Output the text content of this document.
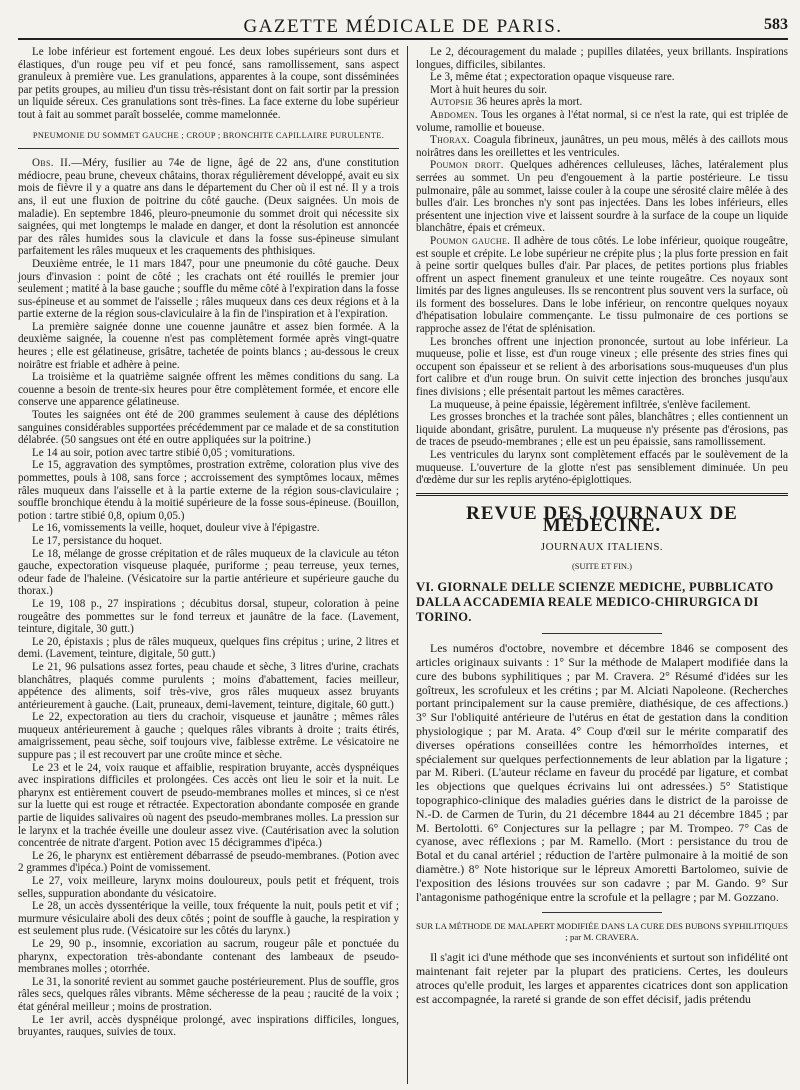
GAZETTE MÉDICALE DE PARIS.	583

Le lobe inférieur est fortement engoué. Les deux lobes supérieurs sont durs et élastiques, d'un rouge peu vif et peu foncé, sans ramollissement, sans aspect granuleux à première vue. Les granulations, apparentes à la coupe, sont disséminées par petits groupes, au milieu d'un tissu très-résistant dont on fait sortir par la pression un liquide séreux. Ces granulations sont très-fines. La face externe du lobe supérieur tout à fait au sommet paraît bosselée, comme mamelonnée.

PNEUMONIE DU SOMMET GAUCHE ; CROUP ; BRONCHITE CAPILLAIRE PURULENTE.

Obs. II.—Méry, fusilier au 74e de ligne, âgé de 22 ans, d'une constitution médiocre, peau brune, cheveux châtains, thorax régulièrement développé, avait eu six mois de fièvre il y a quatre ans dans le département du Cher où il est né. Il y a trois ans, il eut une fluxion de poitrine du côté gauche. (Deux saignées. Un mois de maladie). En septembre 1846, pleuro-pneumonie du sommet droit qui nécessite six saignées, qui met longtemps le malade en danger, et dont la résolution est annoncée par des râles humides sous la clavicule et dans la fosse sus-épineuse simulant parfaitement les râles muqueux et les craquements des phthisiques.

Deuxième entrée, le 11 mars 1847, pour une pneumonie du côté gauche. Deux jours d'invasion : point de côté ; les crachats ont été rouillés le premier jour seulement ; matité à la base gauche ; souffle du même côté à l'expiration dans la fosse sus-épineuse et au sommet de l'aisselle ; râles muqueux dans ces deux régions et à la partie externe de la région sous-claviculaire à la fin de l'inspiration et à l'expiration.

La première saignée donne une couenne jaunâtre et assez bien formée. A la deuxième saignée, la couenne n'est pas complètement formée après vingt-quatre heures ; elle est gélatineuse, grisâtre, tachetée de points blancs ; au-dessous le creux noirâtre est friable et adhère à peine.

La troisième et la quatrième saignée offrent les mêmes conditions du sang. La couenne a besoin de trente-six heures pour être complètement formée, et encore elle conserve une apparence gélatineuse.

Toutes les saignées ont été de 200 grammes seulement à cause des déplétions sanguines considérables supportées précédemment par ce malade et de sa constitution délabrée. (50 sangsues ont été en outre appliquées sur la poitrine.)

Le 14 au soir, potion avec tartre stibié 0,05 ; vomiturations.

Le 15, aggravation des symptômes, prostration extrême, coloration plus vive des pommettes, pouls à 108, sans force ; accroissement des symptômes locaux, mêmes râles muqueux dans l'aisselle et à la partie externe de la région sous-claviculaire ; souffle bronchique étendu à la moitié supérieure de la fosse sous-épineuse. (Bouillon, potion : tartre stibié 0,8, opium 0,05.)

Le 16, vomissements la veille, hoquet, douleur vive à l'épigastre.

Le 17, persistance du hoquet.

Le 18, mélange de grosse crépitation et de râles muqueux de la clavicule au téton gauche, expectoration visqueuse plaquée, puriforme ; peau terreuse, yeux ternes, odeur fade de l'haleine. (Vésicatoire sur la partie antérieure et supérieure gauche du thorax.)

Le 19, 108 p., 27 inspirations ; décubitus dorsal, stupeur, coloration à peine rougeâtre des pommettes sur le fond terreux et jaunâtre de la face. (Lavement, teinture, digitale, 30 gutt.)

Le 20, épistaxis ; plus de râles muqueux, quelques fins crépitus ; urine, 2 litres et demi. (Lavement, teinture, digitale, 50 gutt.)

Le 21, 96 pulsations assez fortes, peau chaude et sèche, 3 litres d'urine, crachats blanchâtres, plaqués comme purulents ; moins d'abattement, facies meilleur, appétence des aliments, soif très-vive, gros râles muqueux assez bruyants antérieurement à gauche. (Lait, pruneaux, demi-lavement, teinture, digitale, 60 gutt.)

Le 22, expectoration au tiers du crachoir, visqueuse et jaunâtre ; mêmes râles muqueux antérieurement à gauche ; quelques râles vibrants à droite ; traits étirés, amaigrissement, peau sèche, soif toujours vive, faiblesse extrême. Le vésicatoire ne suppure pas ; il est recouvert par une croûte mince et sèche.

Le 23 et le 24, voix rauque et affaiblie, respiration bruyante, accès dyspnéiques avec inspirations difficiles et prolongées. Ces accès ont lieu le soir et la nuit. Le pharynx est entièrement couvert de pseudo-membranes molles et minces, si ce n'est sur la luette qui est rouge et rétractée. Expectoration abondante composée en grande partie de liquides salivaires où nagent des pseudo-membranes molles. La pression sur le larynx et la trachée éveille une douleur assez vive. (Cautérisation avec la solution concentrée de nitrate d'argent. Potion avec 15 décigrammes d'ipéca.)

Le 26, le pharynx est entièrement débarrassé de pseudo-membranes. (Potion avec 2 grammes d'ipéca.) Point de vomissement.

Le 27, voix meilleure, larynx moins douloureux, pouls petit et fréquent, trois selles, suppuration abondante du vésicatoire.

Le 28, un accès dyssentérique la veille, toux fréquente la nuit, pouls petit et vif ; murmure vésiculaire aboli des deux côtés ; point de souffle à gauche, la respiration y est seulement plus rude. (Vésicatoire sur les côtés du larynx.)

Le 29, 90 p., insomnie, excoriation au sacrum, rougeur pâle et ponctuée du pharynx, expectoration très-abondante contenant des lambeaux de pseudo-membranes molles ; otorrhée.

Le 31, la sonorité revient au sommet gauche postérieurement. Plus de souffle, gros râles secs, quelques râles vibrants. Même sécheresse de la peau ; raucité de la voix ; état général meilleur ; moins de prostration.

Le 1er avril, accès dyspnéique prolongé, avec inspirations difficiles, longues, bruyantes, rauques, suivies de toux.

Le 2, découragement du malade ; pupilles dilatées, yeux brillants. Inspirations longues, difficiles, sibilantes.

Le 3, même état ; expectoration opaque visqueuse rare.

Mort à huit heures du soir.

Autopsie 36 heures après la mort.

Abdomen. Tous les organes à l'état normal, si ce n'est la rate, qui est triplée de volume, ramollie et boueuse.

Thorax. Coagula fibrineux, jaunâtres, un peu mous, mêlés à des caillots mous noirâtres dans les oreillettes et les ventricules.

Poumon droit. Quelques adhérences celluleuses, lâches, latéralement plus serrées au sommet. Un peu d'engouement à la partie postérieure. Le tissu pulmonaire, pâle au sommet, laisse couler à la coupe une sérosité claire mêlée à des bulles d'air. Les bronches n'y sont pas injectées. Dans les lobes inférieurs, elles présentent une injection vive et laissent sourdre à la surface de la coupe un liquide blanchâtre, épais et crémeux.

Poumon gauche. Il adhère de tous côtés. Le lobe inférieur, quoique rougeâtre, est souple et crépite. Le lobe supérieur ne crépite plus ; la plus forte pression en fait à peine sortir quelques bulles d'air. Par places, de petites portions plus friables offrent un aspect finement granuleux et une teinte rougeâtre. Ces noyaux sont limités par des lignes anguleuses. Ils se rencontrent plus souvent vers la surface, où ils forment des bosselures. Dans le lobe inférieur, on rencontre quelques noyaux d'hépatisation lobulaire commençante. Le tissu pulmonaire de ces portions se rapproche assez de l'état de splénisation.

Les bronches offrent une injection prononcée, surtout au lobe inférieur. La muqueuse, polie et lisse, est d'un rouge vineux ; elle présente des stries fines qui occupent son épaisseur et se relient à des arborisations sous-muqueuses d'un plus fort calibre et d'un rouge brun. On suivit cette injection des bronches jusqu'aux fines divisions ; elle présentait partout les mêmes caractères.

La muqueuse, à peine épaissie, légèrement infiltrée, s'enlève facilement.

Les grosses bronches et la trachée sont pâles, blanchâtres ; elles contiennent un liquide abondant, grisâtre, purulent. La muqueuse n'y présente pas d'érosions, pas de traces de pseudo-membranes ; elle est un peu épaissie, sans ramollissement.

Les ventricules du larynx sont complètement effacés par le soulèvement de la muqueuse. L'ouverture de la glotte n'est pas sensiblement diminuée. Un peu d'œdème dur sur les replis aryténo-épiglottiques.

REVUE DES JOURNAUX DE MÉDECINE.
JOURNAUX ITALIENS.
(SUITE ET FIN.)
VI. GIORNALE DELLE SCIENZE MEDICHE, PUBBLICATO DALLA ACCADEMIA REALE MEDICO-CHIRURGICA DI TORINO.

Les numéros d'octobre, novembre et décembre 1846 se composent des articles originaux suivants : 1° Sur la méthode de Malapert modifiée dans la cure des bubons syphilitiques ; par M. Cravera. 2° Résumé d'idées sur les goîtreux, les scrofuleux et les crétins ; par M. Alciati Napoleone. (Recherches portant principalement sur la cause première, diathésique, de ces affections.) 3° Sur l'obliquité antérieure de l'utérus en état de gestation dans la condition physiologique ; par M. Arata. 4° Coup d'œil sur le mérite comparatif des diverses opérations conseillées contre les hémorrhoïdes internes, et spécialement sur quelques perfectionnements de leur ablation par la ligature ; par M. Riberi. (L'auteur réclame en faveur du procédé par ligature, et combat les objections que quelques écrivains lui ont adressées.) 5° Statistique topographico-clinique des maladies guéries dans le district de la paroisse de N.-D. de Carmen de Turin, du 21 décembre 1844 au 21 décembre 1845 ; par M. Bertolotti. 6° Conjectures sur la pellagre ; par M. Trompeo. 7° Cas de cyanose, avec réflexions ; par M. Ramello. (Mort : persistance du trou de Botal et du canal artériel ; réduction de l'artère pulmonaire à la moitié de son diamètre.) 8° Note historique sur le lépreux Amoretti Bartolomeo, suivie de l'exposition des lésions trouvées sur son cadavre ; par M. Gando. 9° Sur l'antagonisme pathogénique entre la scrofule et la pellagre ; par M. Gozzano.

SUR LA MÉTHODE DE MALAPERT MODIFIÉE DANS LA CURE DES BUBONS SYPHILITIQUES ; par M. CRAVERA.

Il s'agit ici d'une méthode que ses inconvénients et surtout son infidélité ont maintenant fait rejeter par la plupart des praticiens. Certes, les douleurs atroces qu'elle produit, les larges et apparentes cicatrices dont son application est accompagnée, la rareté si grande de son effet décisif, jadis prétendu
